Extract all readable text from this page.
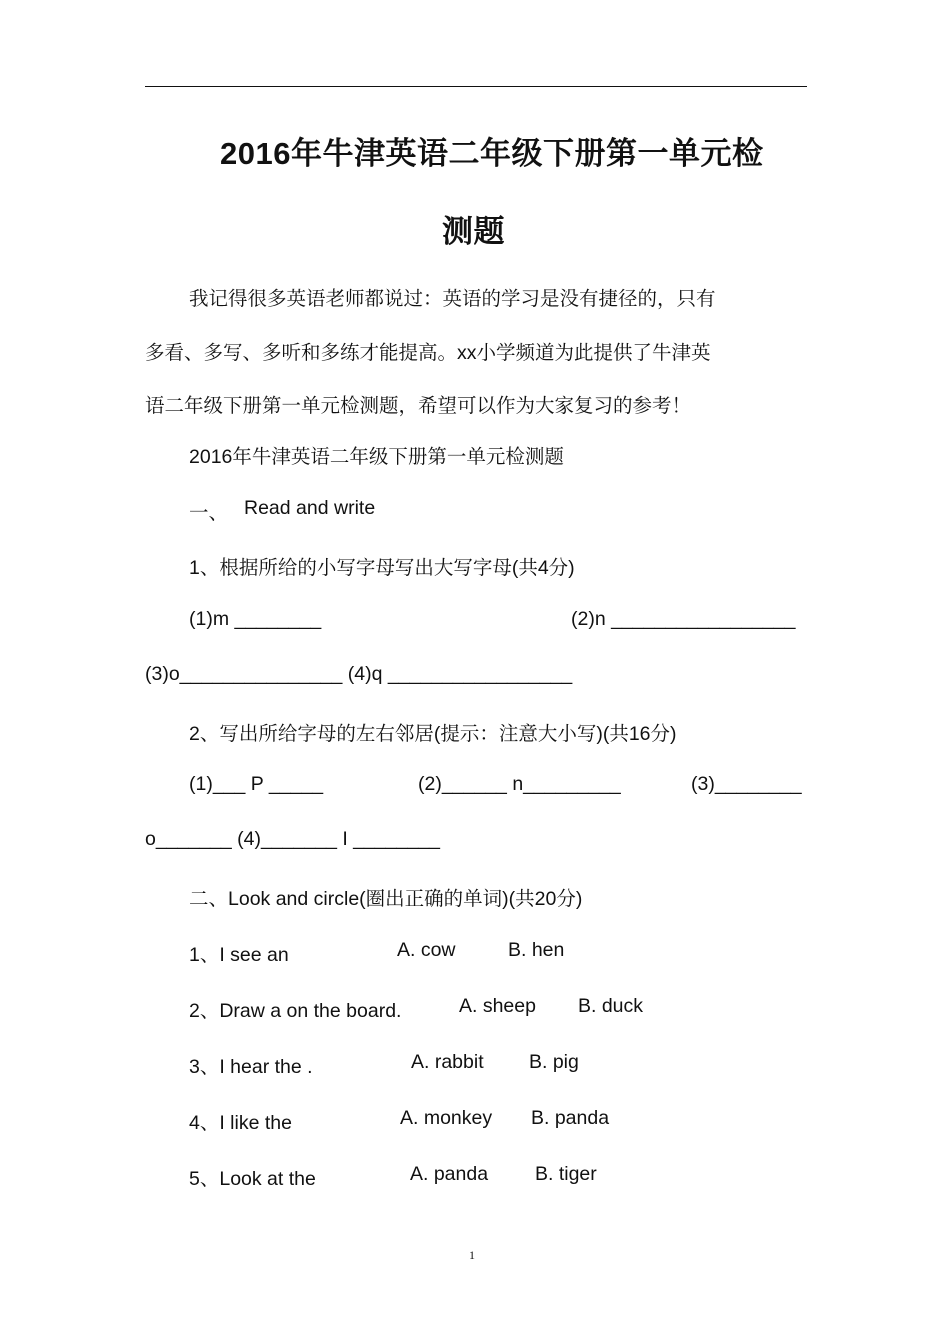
2016年牛津英语二年级下册第一单元检
测题
我记得很多英语老师都说过：英语的学习是没有捷径的，只有
多看、多写、多听和多练才能提高。xx小学频道为此提供了牛津英
语二年级下册第一单元检测题，希望可以作为大家复习的参考！
2016年牛津英语二年级下册第一单元检测题
一、 Read and write
1、根据所给的小写字母写出大写字母(共4分)
(1)m ________	(2)n _________________
(3)o_______________ (4)q _________________
2、写出所给字母的左右邻居(提示：注意大小写)(共16分)
(1)___ P _____	(2)______ n_________	(3)________
o_______ (4)_______ I ________
二、Look and circle(圈出正确的单词)(共20分)
1、I see an	A. cow	B. hen
2、Draw a on the board.	A. sheep B. duck
3、I hear the .	A. rabbit B. pig
4、I like the	A. monkey B. panda
5、Look at the	A. panda B. tiger
1
